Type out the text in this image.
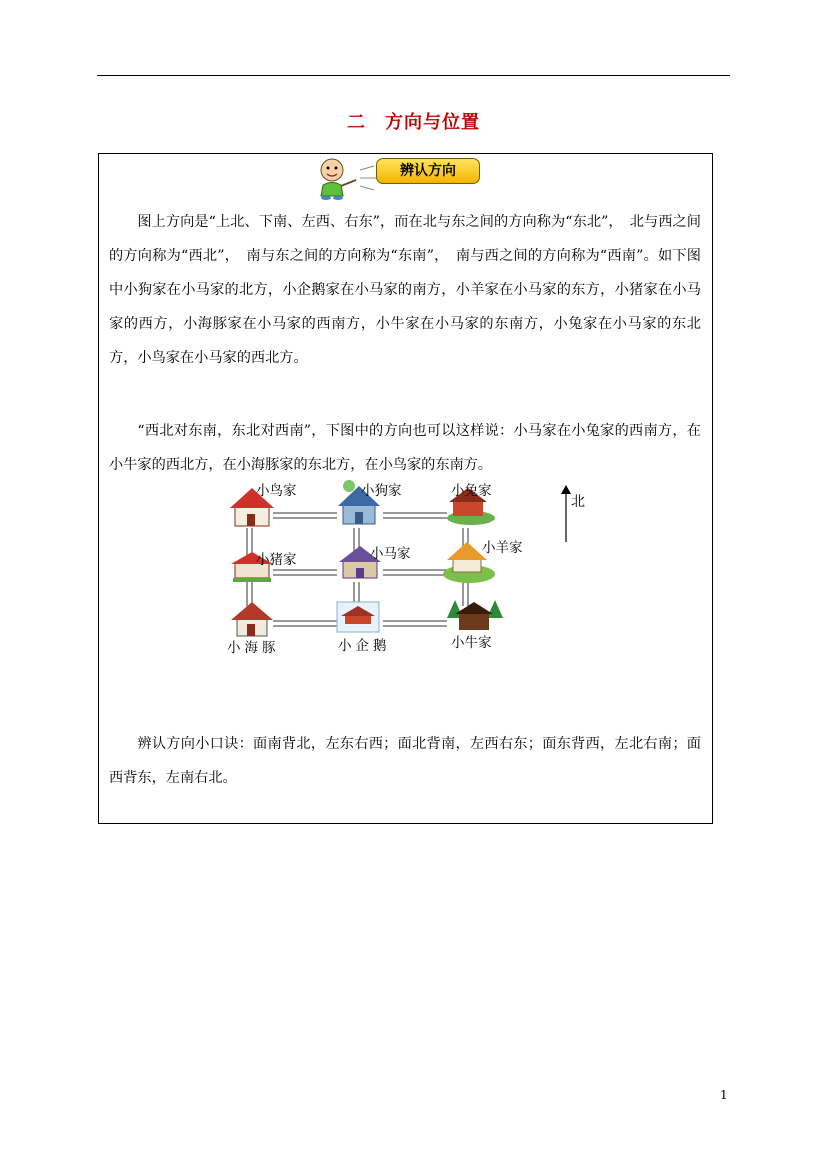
二　方向与位置
辨认方向

图上方向是“上北、下南、左西、右东”，而在北与东之间的方向称为“东北”，　北与西之间的方向称为“西北”，　南与东之间的方向称为“东南”，　南与西之间的方向称为“西南”。如下图中小狗家在小马家的北方，小企鹅家在小马家的南方，小羊家在小马家的东方，小猪家在小马家的西方，小海豚家在小马家的西南方，小牛家在小马家的东南方，小兔家在小马家的东北方，小鸟家在小马家的西北方。

“西北对东南，东北对西南”，下图中的方向也可以这样说：小马家在小兔家的西南方，在小牛家的西北方，在小海豚家的东北方，在小鸟家的东南方。

北
小鸟家	小狗家	小兔家
小猪家	小马家	小羊家
小海豚	小企鹅	小牛家

辨认方向小口诀：面南背北，左东右西；面北背南，左西右东；面东背西，左北右南；面西背东，左南右北。

1
